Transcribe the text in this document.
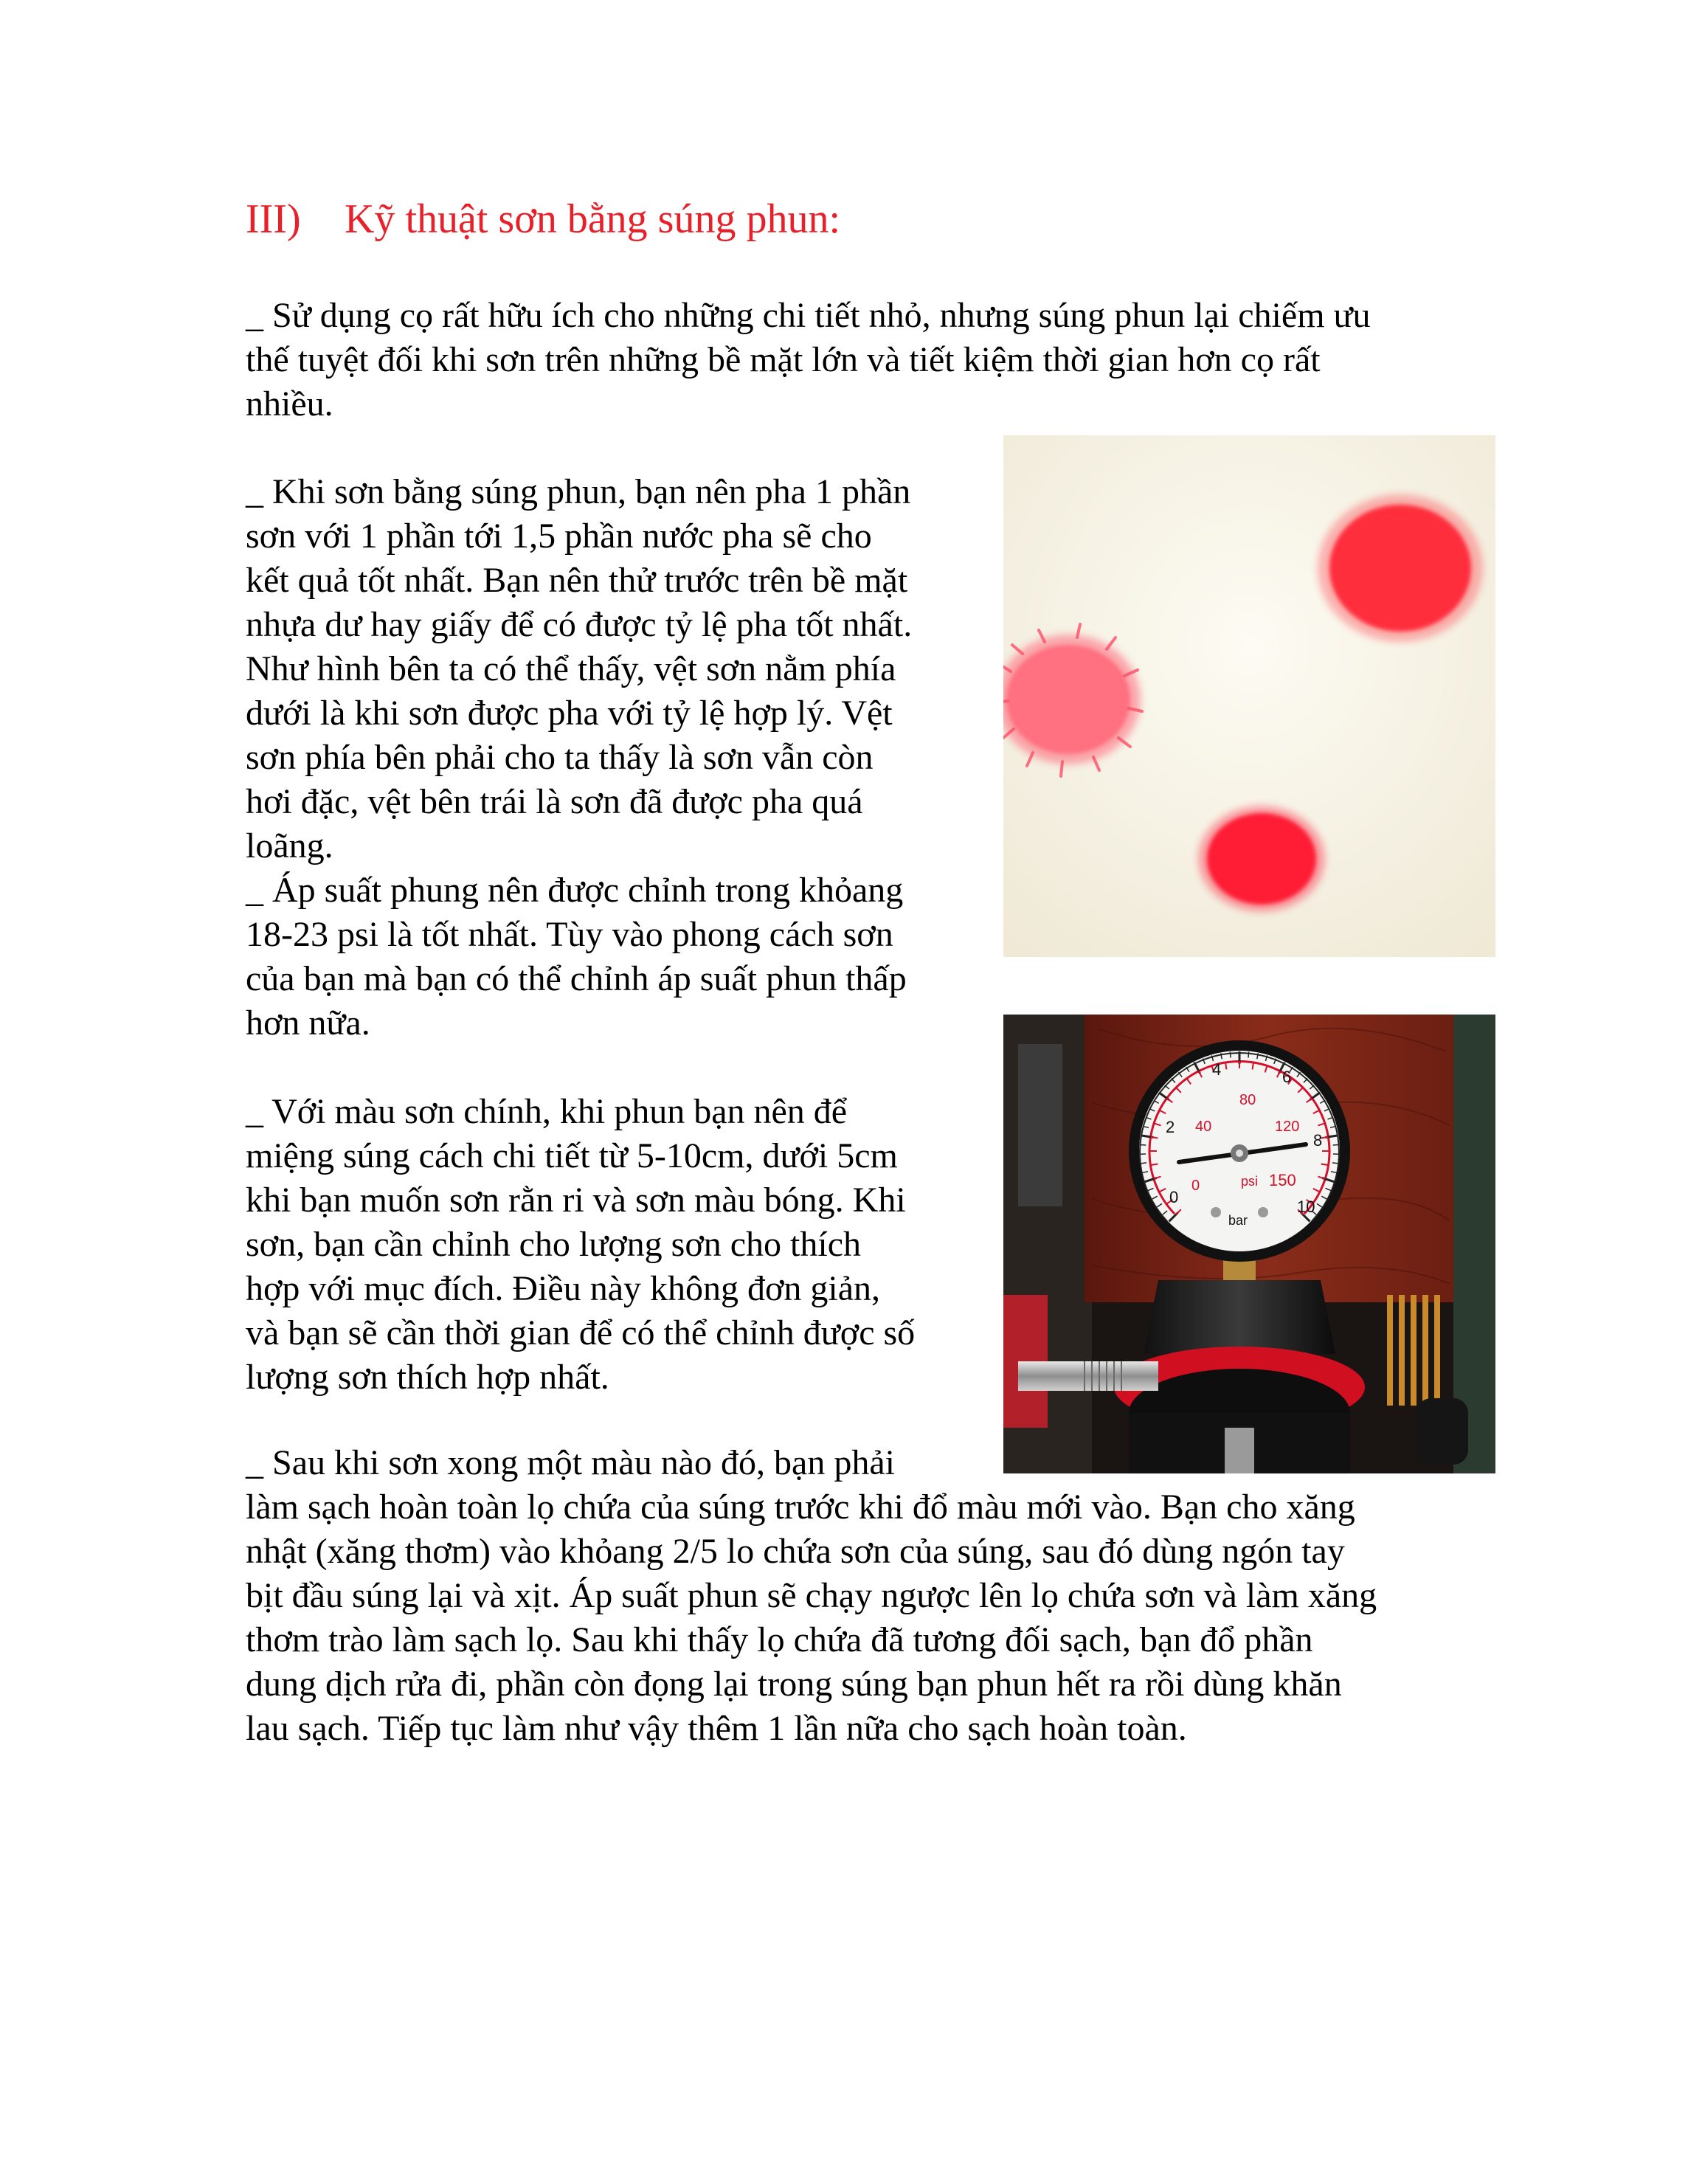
III) Kỹ thuật sơn bằng súng phun:
_ Sử dụng cọ rất hữu ích cho những chi tiết nhỏ, nhưng súng phun lại chiếm ưu
thế tuyệt đối khi sơn trên những bề mặt lớn và tiết kiệm thời gian hơn cọ rất
nhiều.
_ Khi sơn bằng súng phun, bạn nên pha 1 phần
sơn với 1 phần tới 1,5 phần nước pha sẽ cho
kết quả tốt nhất. Bạn nên thử trước trên bề mặt
nhựa dư hay giấy để có được tỷ lệ pha tốt nhất.
Như hình bên ta có thể thấy, vệt sơn nằm phía
dưới là khi sơn được pha với tỷ lệ hợp lý. Vệt
sơn phía bên phải cho ta thấy là sơn vẫn còn
hơi đặc, vệt bên trái là sơn đã được pha quá
loãng.
_ Áp suất phung nên được chỉnh trong khỏang
18-23 psi là tốt nhất. Tùy vào phong cách sơn
của bạn mà bạn có thể chỉnh áp suất phun thấp
hơn nữa.
_ Với màu sơn chính, khi phun bạn nên để
miệng súng cách chi tiết từ 5-10cm, dưới 5cm
khi bạn muốn sơn rằn ri và sơn màu bóng. Khi
sơn, bạn cần chỉnh cho lượng sơn cho thích
hợp với mục đích. Điều này không đơn giản,
và bạn sẽ cần thời gian để có thể chỉnh được số
lượng sơn thích hợp nhất.
_ Sau khi sơn xong một màu nào đó, bạn phải
làm sạch hoàn toàn lọ chứa của súng trước khi đổ màu mới vào. Bạn cho xăng
nhật (xăng thơm) vào khỏang 2/5 lo chứa sơn của súng, sau đó dùng ngón tay
bịt đầu súng lại và xịt. Áp suất phun sẽ chạy ngược lên lọ chứa sơn và làm xăng
thơm trào làm sạch lọ. Sau khi thấy lọ chứa đã tương đối sạch, bạn đổ phần
dung dịch rửa đi, phần còn đọng lại trong súng bạn phun hết ra rồi dùng khăn
lau sạch. Tiếp tục làm như vậy thêm 1 lần nữa cho sạch hoàn toàn.
0
2
4	6
8
10
0
40
80
120
150
psi
bar
